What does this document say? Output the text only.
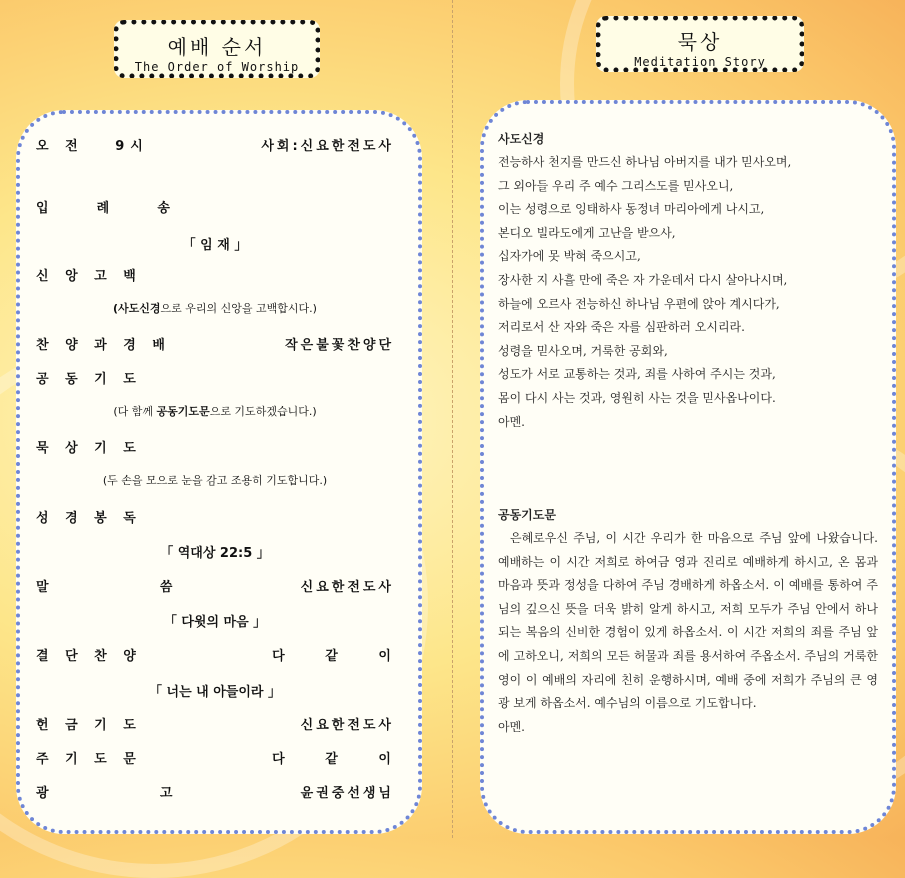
예배 순서
The Order of Worship
묵상
Meditation Story
오 전   9시	사회:신요한전도사
입    례    송
「 임 재 」
신 앙 고 백
(사도신경으로 우리의 신앙을 고백합시다.)
찬 양 과 경 배	작은불꽃찬양단
공 동 기 도
(다 함께 공동기도문으로 기도하겠습니다.)
묵 상 기 도
(두 손을 모으로 눈을 감고 조용히 기도합니다.)
성 경 봉 독
「 역대상 22:5 」
말          씀	신요한전도사
「 다윗의 마음 」
결 단 찬 양	다     같     이
「 너는 내 아들이라 」
헌 금 기 도	신요한전도사
주 기 도 문	다     같     이
광          고	윤권중선생님
사도신경
전능하사 천지를 만드신 하나님 아버지를 내가 믿사오며,
그 외아들 우리 주 예수 그리스도를 믿사오니,
이는 성령으로 잉태하사 동정녀 마리아에게 나시고,
본디오 빌라도에게 고난을 받으사,
십자가에 못 박혀 죽으시고,
장사한 지 사흘 만에 죽은 자 가운데서 다시 살아나시며,
하늘에 오르사 전능하신 하나님 우편에 앉아 계시다가,
저리로서 산 자와 죽은 자를 심판하러 오시리라.
성령을 믿사오며, 거룩한 공회와,
성도가 서로 교통하는 것과, 죄를 사하여 주시는 것과,
몸이 다시 사는 것과, 영원히 사는 것을 믿사옵나이다.
아멘.
공동기도문
은혜로우신 주님, 이 시간 우리가 한 마음으로 주님 앞에 나왔습니다. 예배하는 이 시간 저희로 하여금 영과 진리로 예배하게 하시고, 온 몸과 마음과 뜻과 정성을 다하여 주님 경배하게 하옵소서. 이 예배를 통하여 주님의 깊으신 뜻을 더욱 밝히 알게 하시고, 저희 모두가 주님 안에서 하나 되는 복음의 신비한 경험이 있게 하옵소서. 이 시간 저희의 죄를 주님 앞에 고하오니, 저희의 모든 허물과 죄를 용서하여 주옵소서. 주님의 거룩한 영이 이 예배의 자리에 친히 운행하시며, 예배 중에 저희가 주님의 큰 영광 보게 하옵소서. 예수님의 이름으로 기도합니다.
아멘.
